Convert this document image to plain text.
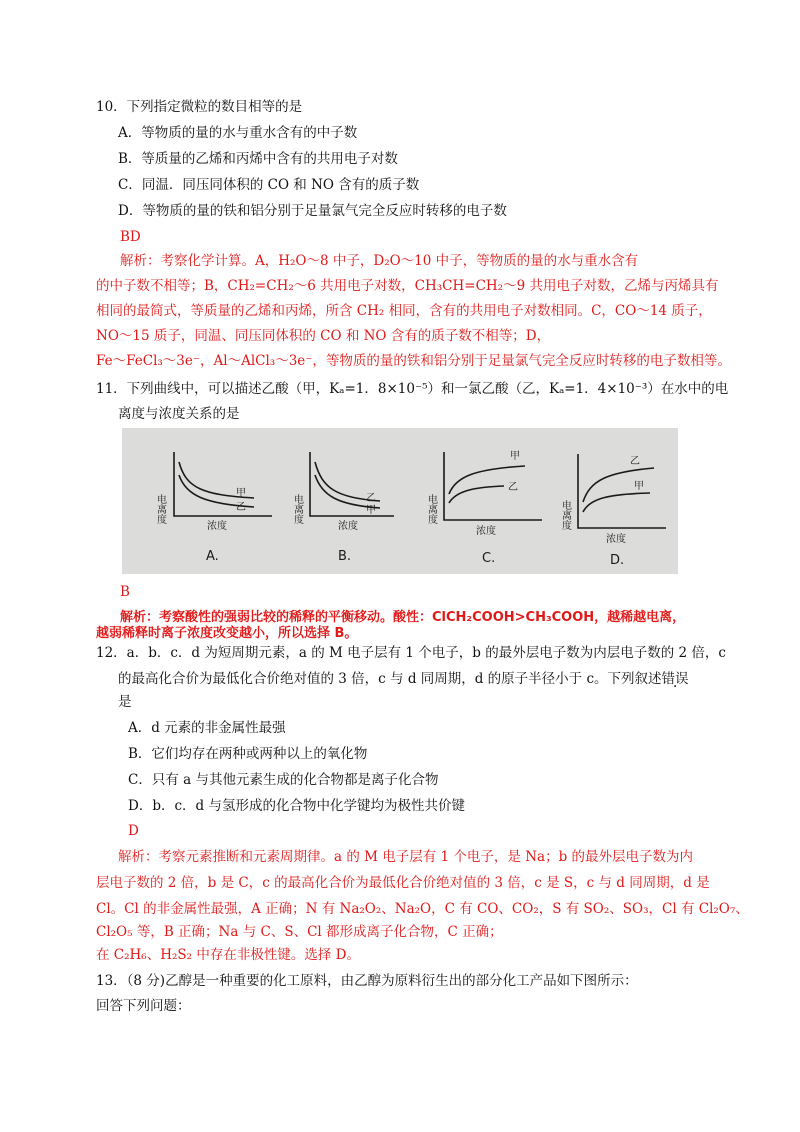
10．下列指定微粒的数目相等的是
A．等物质的量的水与重水含有的中子数
B．等质量的乙烯和丙烯中含有的共用电子对数
C．同温．同压同体积的 CO 和 NO 含有的质子数
D．等物质的量的铁和铝分别于足量氯气完全反应时转移的电子数
BD
解析：考察化学计算。A，H₂O～8 中子，D₂O～10 中子，等物质的量的水与重水含有
的中子数不相等；B，CH₂=CH₂～6 共用电子对数，CH₃CH=CH₂～9 共用电子对数，乙烯与丙烯具有
相同的最简式，等质量的乙烯和丙烯，所含 CH₂ 相同，含有的共用电子对数相同。C，CO～14 质子，
NO～15 质子，同温、同压同体积的 CO 和 NO 含有的质子数不相等；D，
Fe～FeCl₃～3e⁻，Al～AlCl₃～3e⁻，等物质的量的铁和铝分别于足量氯气完全反应时转移的电子数相等。
11．下列曲线中，可以描述乙酸（甲，Kₐ=1．8×10⁻⁵）和一氯乙酸（乙，Kₐ=1．4×10⁻³）在水中的电
离度与浓度关系的是
甲
乙
电离度
浓度
A.
乙
甲
电离度
浓度
B.
甲
乙
电离度
浓度
C.
乙
甲
电离度
浓度
D.
B
解析：考察酸性的强弱比较的稀释的平衡移动。酸性：ClCH₂COOH>CH₃COOH，越稀越电离，
越弱稀释时离子浓度改变越小，所以选择 B。
12．a．b．c．d 为短周期元素，a 的 M 电子层有 1 个电子，b 的最外层电子数为内层电子数的 2 倍，c
的最高化合价为最低化合价绝对值的 3 倍，c 与 d 同周期，d 的原子半径小于 c。下列叙述错误
是
A．d 元素的非金属性最强
B．它们均存在两种或两种以上的氧化物
C．只有 a 与其他元素生成的化合物都是离子化合物
D．b．c．d 与氢形成的化合物中化学键均为极性共价键
D
解析：考察元素推断和元素周期律。a 的 M 电子层有 1 个电子，是 Na；b 的最外层电子数为内
层电子数的 2 倍，b 是 C，c 的最高化合价为最低化合价绝对值的 3 倍，c 是 S，c 与 d 同周期，d 是
Cl。Cl 的非金属性最强，A 正确；N 有 Na₂O₂、Na₂O，C 有 CO、CO₂，S 有 SO₂、SO₃，Cl 有 Cl₂O₇、
Cl₂O₅ 等，B 正确；Na 与 C、S、Cl 都形成离子化合物，C 正确；
在 C₂H₆、H₂S₂ 中存在非极性键。选择 D。
13．（8 分)乙醇是一种重要的化工原料，由乙醇为原料衍生出的部分化工产品如下图所示：
回答下列问题：
